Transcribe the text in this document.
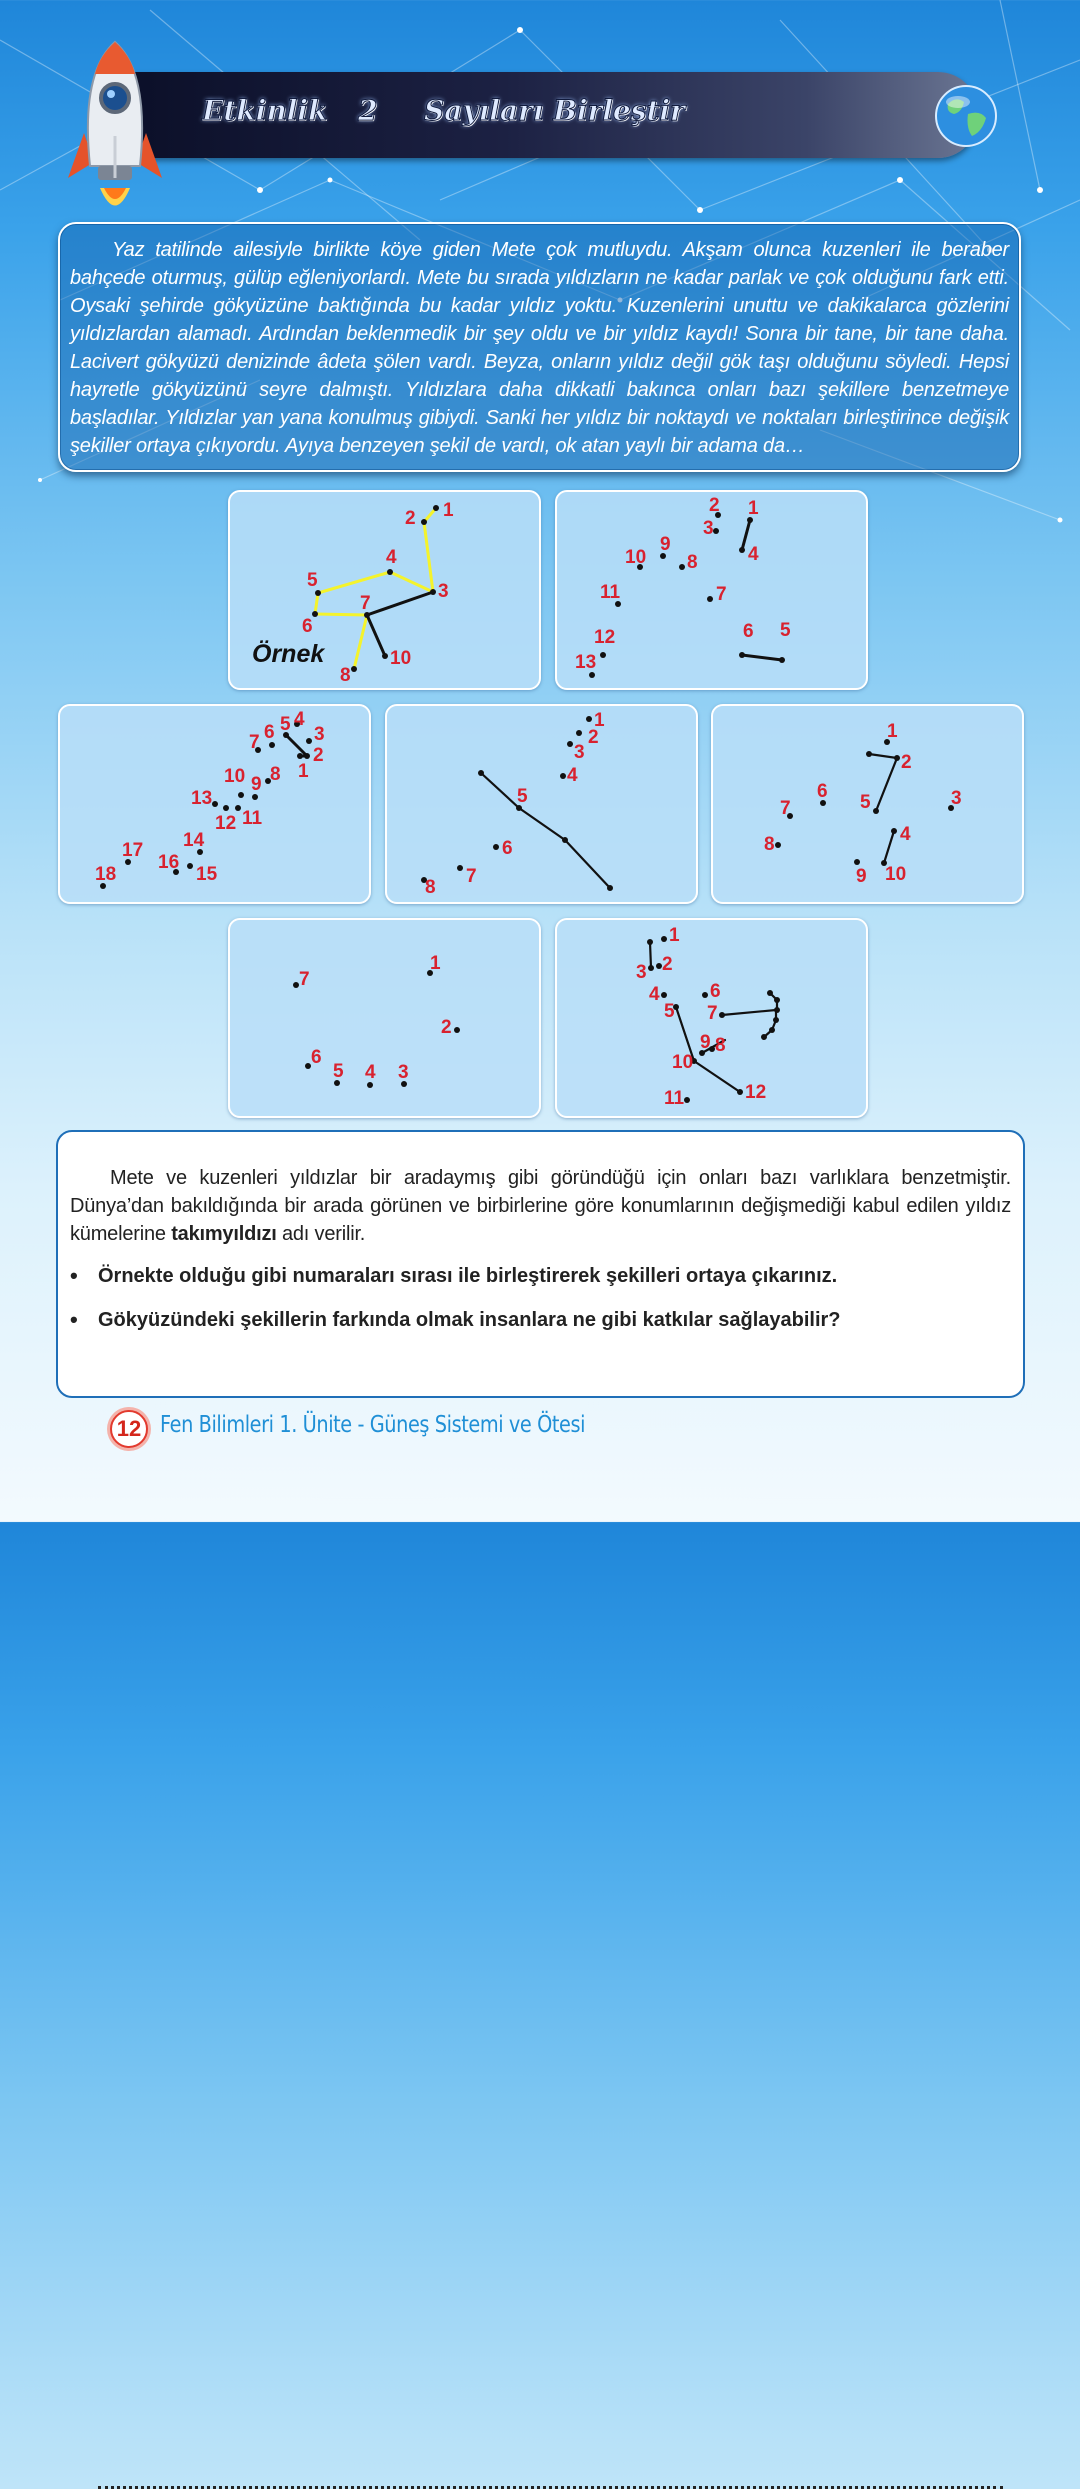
Etkinlik 2 Sayıları Birleştir

Yaz tatilinde ailesiyle birlikte köye giden Mete çok mutluydu. Akşam olunca kuzenleri ile beraber bahçede oturmuş, gülüp eğleniyorlardı. Mete bu sırada yıldızların ne kadar parlak ve çok olduğunu fark etti. Oysaki şehirde gökyüzüne baktığında bu kadar yıldız yoktu. Kuzenlerini unuttu ve dakikalarca gözlerini yıldızlardan alamadı. Ardından beklenmedik bir şey oldu ve bir yıldız kaydı! Sonra bir tane, bir tane daha. Lacivert gökyüzü denizinde âdeta şölen vardı. Beyza, onların yıldız değil gök taşı olduğunu söyledi. Hepsi hayretle gökyüzünü seyre dalmıştı. Yıldızlara daha dikkatli bakınca onları bazı şekillere benzetmeye başladılar. Yıldızlar yan yana konulmuş gibiydi. Sanki her yıldız bir noktaydı ve noktaları birleştirince değişik şekiller ortaya çıkıyordu. Ayıya benzeyen şekil de vardı, ok atan yaylı bir adama da…

1
2
3
4
5
6
7
8
10
Örnek
1
2
3
4
5
6
7
8
9
10
11
12
13
1
2
3
4
5
6
7
8
9
10
11
12
13
14
15
16
17
18
1
2
3
4
5
6
7
8
1
2
3
4
5
6
7
8
9 10
1
2
3
4
5
6
7
1
2
3
4
5
6
7
8
9
10
11	12

Mete ve kuzenleri yıldızlar bir aradaymış gibi göründüğü için onları bazı varlıklara benzetmiştir. Dünya’dan bakıldığında bir arada görünen ve birbirlerine göre konumlarının değişmediği kabul edilen yıldız kümelerine takımyıldızı adı verilir.

• Örnekte olduğu gibi numaraları sırası ile birleştirerek şekilleri ortaya çıkarınız.
• Gökyüzündeki şekillerin farkında olmak insanlara ne gibi katkılar sağlayabilir?
12 Fen Bilimleri 1. Ünite - Güneş Sistemi ve Ötesi
